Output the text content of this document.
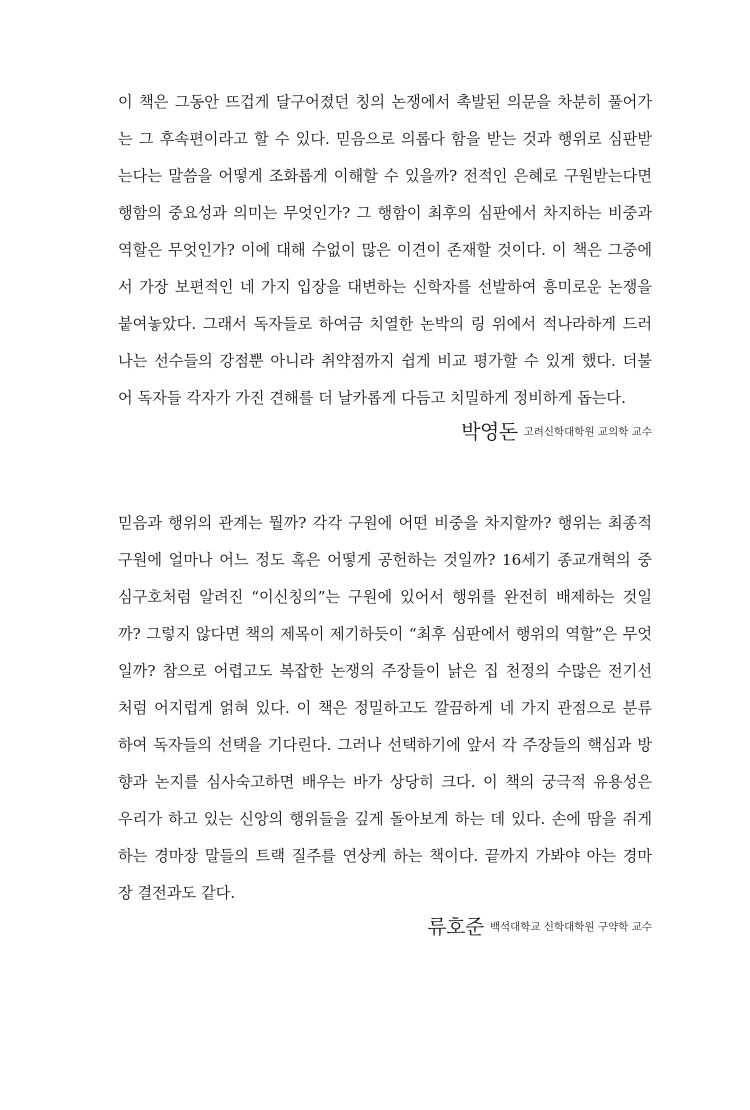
이 책은 그동안 뜨겁게 달구어졌던 칭의 논쟁에서 촉발된 의문을 차분히 풀어가
는 그 후속편이라고 할 수 있다. 믿음으로 의롭다 함을 받는 것과 행위로 심판받
는다는 말씀을 어떻게 조화롭게 이해할 수 있을까? 전적인 은혜로 구원받는다면
행함의 중요성과 의미는 무엇인가? 그 행함이 최후의 심판에서 차지하는 비중과
역할은 무엇인가? 이에 대해 수없이 많은 이견이 존재할 것이다. 이 책은 그중에
서 가장 보편적인 네 가지 입장을 대변하는 신학자를 선발하여 흥미로운 논쟁을
붙여놓았다. 그래서 독자들로 하여금 치열한 논박의 링 위에서 적나라하게 드러
나는 선수들의 강점뿐 아니라 취약점까지 쉽게 비교 평가할 수 있게 했다. 더불
어 독자들 각자가 가진 견해를 더 날카롭게 다듬고 치밀하게 정비하게 돕는다.
박영돈 고려신학대학원 교의학 교수
믿음과 행위의 관계는 뭘까? 각각 구원에 어떤 비중을 차지할까? 행위는 최종적
구원에 얼마나 어느 정도 혹은 어떻게 공헌하는 것일까? 16세기 종교개혁의 중
심구호처럼 알려진 “이신칭의”는 구원에 있어서 행위를 완전히 배제하는 것일
까? 그렇지 않다면 책의 제목이 제기하듯이 “최후 심판에서 행위의 역할”은 무엇
일까? 참으로 어렵고도 복잡한 논쟁의 주장들이 낡은 집 천정의 수많은 전기선
처럼 어지럽게 얽혀 있다. 이 책은 정밀하고도 깔끔하게 네 가지 관점으로 분류
하여 독자들의 선택을 기다린다. 그러나 선택하기에 앞서 각 주장들의 핵심과 방
향과 논지를 심사숙고하면 배우는 바가 상당히 크다. 이 책의 궁극적 유용성은
우리가 하고 있는 신앙의 행위들을 깊게 돌아보게 하는 데 있다. 손에 땀을 쥐게
하는 경마장 말들의 트랙 질주를 연상케 하는 책이다. 끝까지 가봐야 아는 경마
장 결전과도 같다.
류호준 백석대학교 신학대학원 구약학 교수
